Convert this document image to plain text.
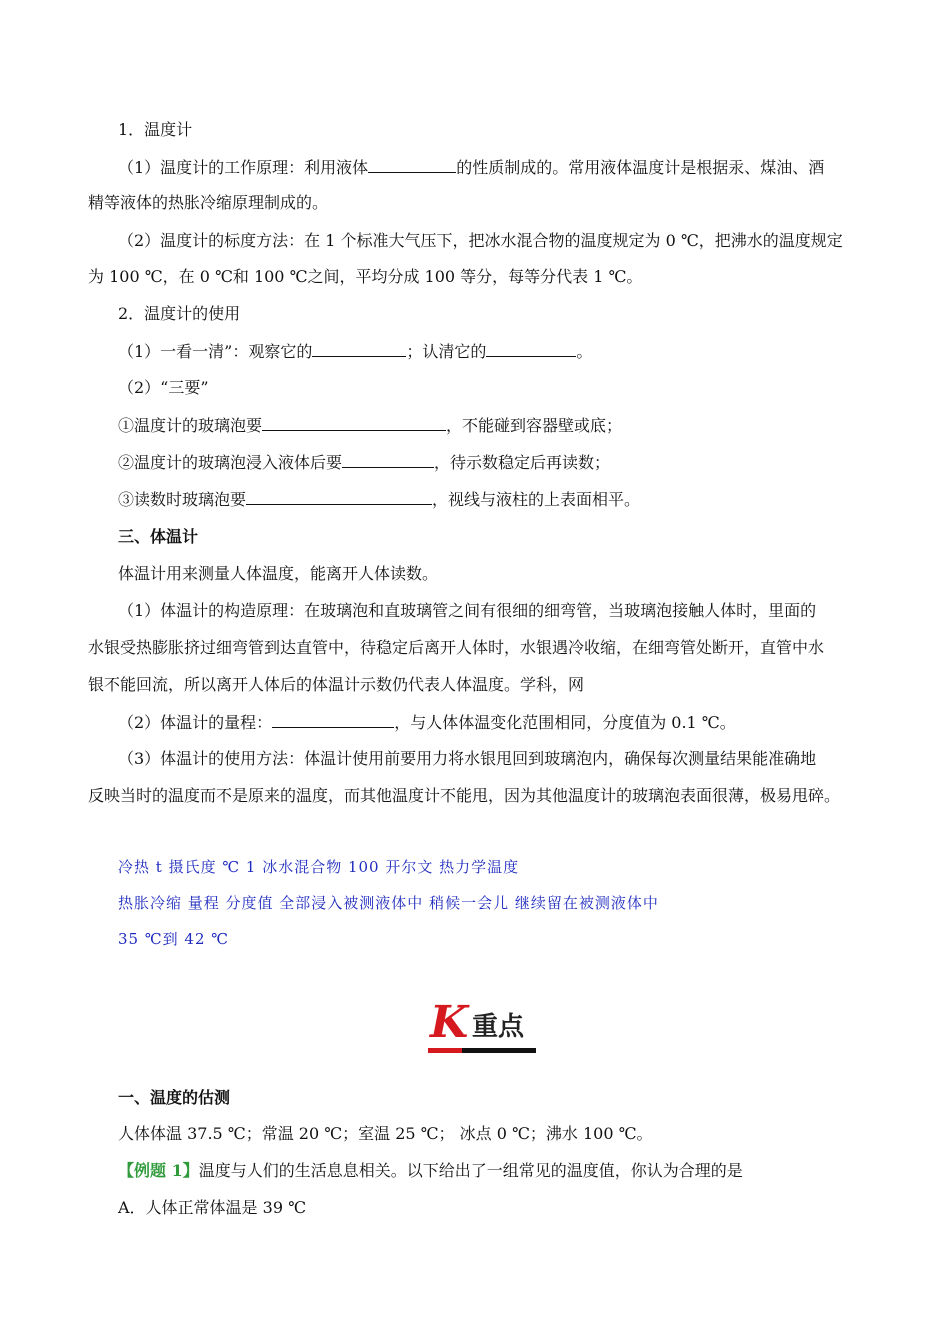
1．温度计
（1）温度计的工作原理：利用液体	的性质制成的。常用液体温度计是根据汞、煤油、酒
精等液体的热胀冷缩原理制成的。
（2）温度计的标度方法：在 1 个标准大气压下，把冰水混合物的温度规定为 0 ℃，把沸水的温度规定
为 100 ℃，在 0 ℃和 100 ℃之间，平均分成 100 等分，每等分代表 1 ℃。
2．温度计的使用
（1）一看一清”：观察它的	；认清它的	。
（2）“三要”
①温度计的玻璃泡要	，不能碰到容器壁或底；
②温度计的玻璃泡浸入液体后要	，待示数稳定后再读数；
③读数时玻璃泡要	，视线与液柱的上表面相平。
三、体温计
体温计用来测量人体温度，能离开人体读数。
（1）体温计的构造原理：在玻璃泡和直玻璃管之间有很细的细弯管，当玻璃泡接触人体时，里面的
水银受热膨胀挤过细弯管到达直管中，待稳定后离开人体时，水银遇冷收缩，在细弯管处断开，直管中水
银不能回流，所以离开人体后的体温计示数仍代表人体温度。学科，网
（2）体温计的量程：	，与人体体温变化范围相同，分度值为 0.1 ℃。
（3）体温计的使用方法：体温计使用前要用力将水银甩回到玻璃泡内，确保每次测量结果能准确地
反映当时的温度而不是原来的温度，而其他温度计不能甩，因为其他温度计的玻璃泡表面很薄，极易甩碎。
冷热 t 摄氏度 ℃ 1 冰水混合物 100 开尔文 热力学温度
热胀冷缩 量程 分度值 全部浸入被测液体中 稍候一会儿 继续留在被测液体中
35 ℃到 42 ℃
K 重点
一、温度的估测
人体体温 37.5 ℃；常温 20 ℃；室温 25 ℃； 冰点 0 ℃；沸水 100 ℃。
【例题 1】温度与人们的生活息息相关。以下给出了一组常见的温度值，你认为合理的是
A．人体正常体温是 39 ℃
